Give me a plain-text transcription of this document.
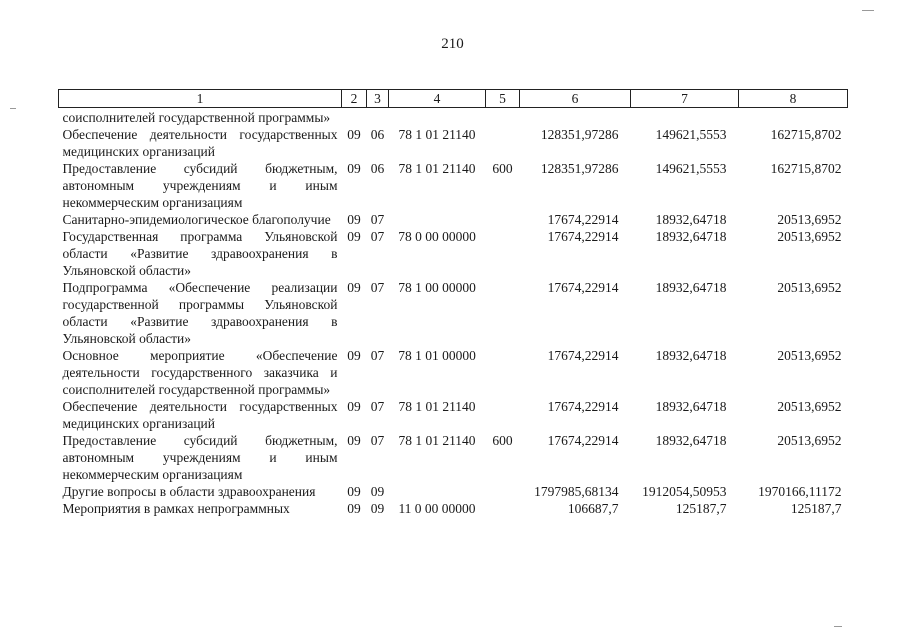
210
1	2	3	4	5	6	7	8
соисполнителей государственной программы»							
Обеспечение деятельности государственных медицинских организаций	09	06	78 1 01 21140		128351,97286	149621,5553	162715,8702
Предоставление субсидий бюджетным, автономным учреждениям и иным некоммерческим организациям	09	06	78 1 01 21140	600	128351,97286	149621,5553	162715,8702
Санитарно-эпидемиологическое благополучие	09	07			17674,22914	18932,64718	20513,6952
Государственная программа Ульяновской области «Развитие здравоохранения в Ульяновской области»	09	07	78 0 00 00000		17674,22914	18932,64718	20513,6952
Подпрограмма «Обеспечение реализации государственной программы Ульяновской области «Развитие здравоохранения в Ульяновской области»	09	07	78 1 00 00000		17674,22914	18932,64718	20513,6952
Основное мероприятие «Обеспечение деятельности государственного заказчика и соисполнителей государственной программы»	09	07	78 1 01 00000		17674,22914	18932,64718	20513,6952
Обеспечение деятельности государственных медицинских организаций	09	07	78 1 01 21140		17674,22914	18932,64718	20513,6952
Предоставление субсидий бюджетным, автономным учреждениям и иным некоммерческим организациям	09	07	78 1 01 21140	600	17674,22914	18932,64718	20513,6952
Другие вопросы в области здравоохранения	09	09			1797985,68134	1912054,50953	1970166,11172
Мероприятия в рамках непрограммных	09	09	11 0 00 00000		106687,7	125187,7	125187,7
